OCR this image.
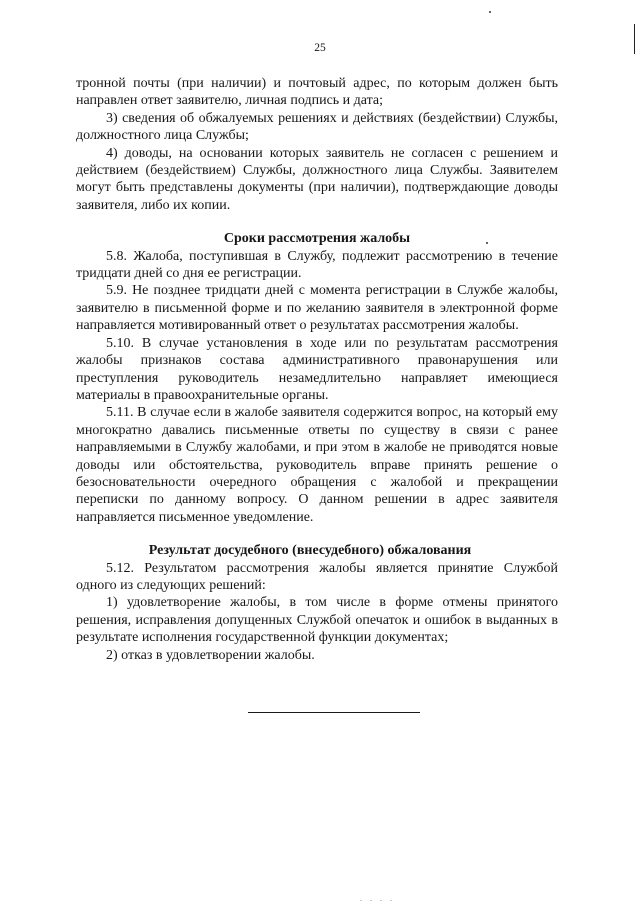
25

тронной почты (при наличии) и почтовый адрес, по которым должен быть направлен ответ заявителю, личная подпись и дата;

3) сведения об обжалуемых решениях и действиях (бездействии) Службы, должностного лица Службы;

4) доводы, на основании которых заявитель не согласен с решением и действием (бездействием) Службы, должностного лица Службы. Заявителем могут быть представлены документы (при наличии), подтверждающие доводы заявителя, либо их копии.

Сроки рассмотрения жалобы

5.8. Жалоба, поступившая в Службу, подлежит рассмотрению в течение тридцати дней со дня ее регистрации.

5.9. Не позднее тридцати дней с момента регистрации в Службе жалобы, заявителю в письменной форме и по желанию заявителя в электронной форме направляется мотивированный ответ о результатах рассмотрения жалобы.

5.10. В случае установления в ходе или по результатам рассмотрения жалобы признаков состава административного правонарушения или преступления руководитель незамедлительно направляет имеющиеся материалы в правоохранительные органы.

5.11. В случае если в жалобе заявителя содержится вопрос, на который ему многократно давались письменные ответы по существу в связи с ранее направляемыми в Службу жалобами, и при этом в жалобе не приводятся новые доводы или обстоятельства, руководитель вправе принять решение о безосновательности очередного обращения с жалобой и прекращении переписки по данному вопросу. О данном решении в адрес заявителя направляется письменное уведомление.

Результат досудебного (внесудебного) обжалования

5.12. Результатом рассмотрения жалобы является принятие Службой одного из следующих решений:

1) удовлетворение жалобы, в том числе в форме отмены принятого решения, исправления допущенных Службой опечаток и ошибок в выданных в результате исполнения государственной функции документах;

2) отказ в удовлетворении жалобы.

. . . .
